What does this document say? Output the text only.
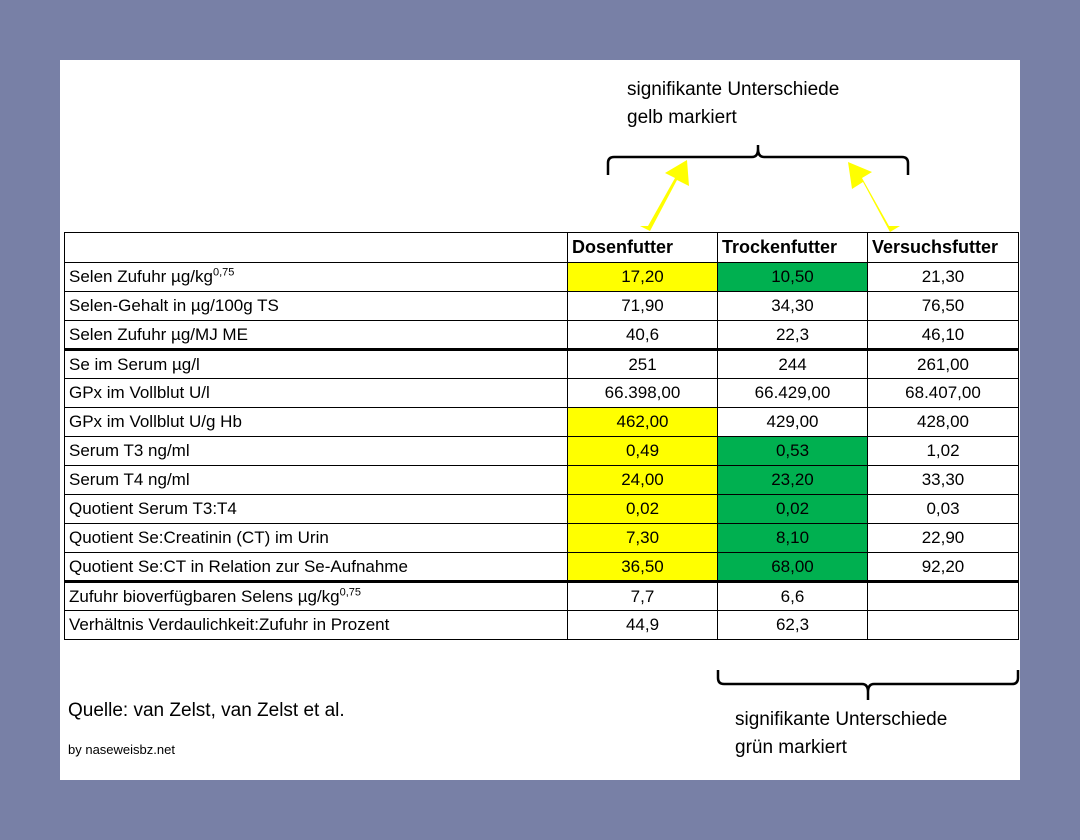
signifikante Unterschiede
gelb markiert
	Dosenfutter	Trockenfutter	Versuchsfutter
Selen Zufuhr µg/kg$^{0,75}$	17,20	10,50	21,30
Selen-Gehalt in µg/100g TS	71,90	34,30	76,50
Selen Zufuhr µg/MJ ME	40,6	22,3	46,10
Se im Serum µg/l	251	244	261,00
GPx im Vollblut U/l	66.398,00	66.429,00	68.407,00
GPx im Vollblut U/g Hb	462,00	429,00	428,00
Serum T3 ng/ml	0,49	0,53	1,02
Serum T4 ng/ml	24,00	23,20	33,30
Quotient Serum T3:T4	0,02	0,02	0,03
Quotient Se:Creatinin (CT) im Urin	7,30	8,10	22,90
Quotient Se:CT in Relation zur Se-Aufnahme	36,50	68,00	92,20
Zufuhr bioverfügbaren Selens µg/kg$^{0,75}$	7,7	6,6	
Verhältnis Verdaulichkeit:Zufuhr in Prozent	44,9	62,3	
signifikante Unterschiede
grün markiert
Quelle: van Zelst, van Zelst et al.
by naseweisbz.net
